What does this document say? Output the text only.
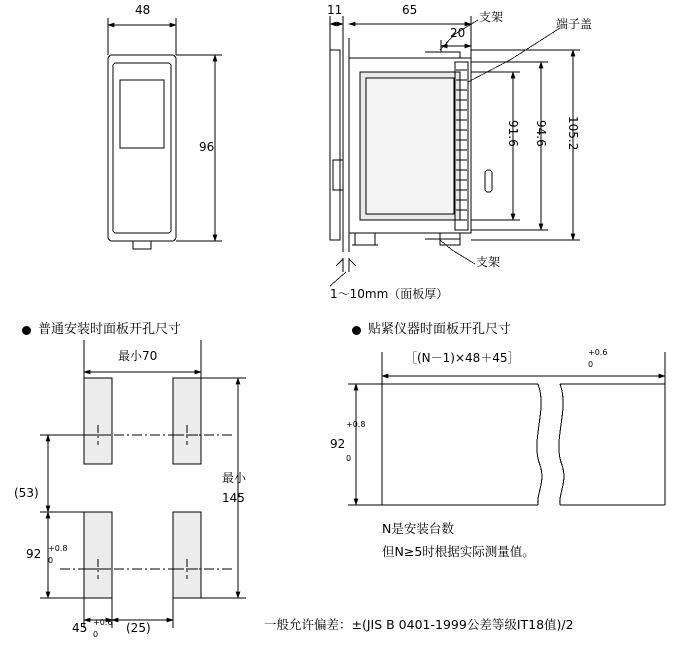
48
96
11	65
20
支架	端子盖
支架
1～10mm（面板厚）
91.6 94.6 105.2
普通安装时面板开孔尺寸	贴紧仪器时面板开孔尺寸
最小70
最小
145
(53)
92 +0.8
0
45 +0.6
0 (25)
［(N－1)×48＋45］	+0.6
0
92
+0.8
0
N是安装台数
但N≥5时根据实际测量值。
一般允许偏差：±(JIS B 0401-1999公差等级IT18值)/2
